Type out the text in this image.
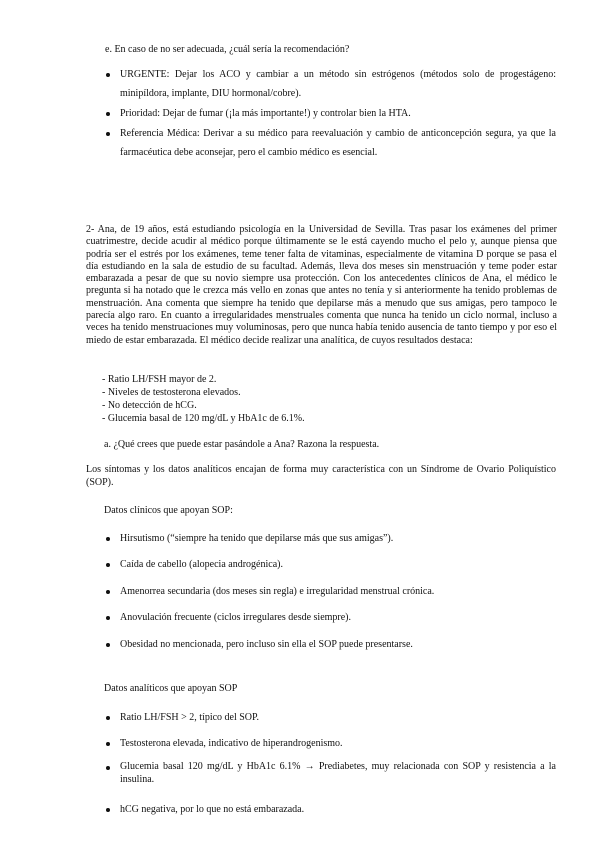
e. En caso de no ser adecuada, ¿cuál sería la recomendación?
URGENTE: Dejar los ACO y cambiar a un método sin estrógenos (métodos solo de progestágeno: minipíldora, implante, DIU hormonal/cobre).
Prioridad: Dejar de fumar (¡la más importante!) y controlar bien la HTA.
Referencia Médica: Derivar a su médico para reevaluación y cambio de anticoncepción segura, ya que la farmacéutica debe aconsejar, pero el cambio médico es esencial.

2- Ana, de 19 años, está estudiando psicología en la Universidad de Sevilla. Tras pasar los exámenes del primer cuatrimestre, decide acudir al médico porque últimamente se le está cayendo mucho el pelo y, aunque piensa que podría ser el estrés por los exámenes, teme tener falta de vitaminas, especialmente de vitamina D porque se pasa el día estudiando en la sala de estudio de su facultad. Además, lleva dos meses sin menstruación y teme poder estar embarazada a pesar de que su novio siempre usa protección. Con los antecedentes clínicos de Ana, el médico le pregunta si ha notado que le crezca más vello en zonas que antes no tenía y si anteriormente ha tenido problemas de menstruación. Ana comenta que siempre ha tenido que depilarse más a menudo que sus amigas, pero tampoco le parecía algo raro. En cuanto a irregularidades menstruales comenta que nunca ha tenido un ciclo normal, incluso a veces ha tenido menstruaciones muy voluminosas, pero que nunca había tenido ausencia de tanto tiempo y por eso el miedo de estar embarazada. El médico decide realizar una analítica, de cuyos resultados destaca:

- Ratio LH/FSH mayor de 2.
- Niveles de testosterona elevados.
- No detección de hCG.
- Glucemia basal de 120 mg/dL y HbA1c de 6.1%.
a. ¿Qué crees que puede estar pasándole a Ana? Razona la respuesta.
Los síntomas y los datos analíticos encajan de forma muy característica con un Síndrome de Ovario Poliquístico (SOP).
Datos clínicos que apoyan SOP:
Hirsutismo (“siempre ha tenido que depilarse más que sus amigas”).
Caída de cabello (alopecia androgénica).
Amenorrea secundaria (dos meses sin regla) e irregularidad menstrual crónica.
Anovulación frecuente (ciclos irregulares desde siempre).
Obesidad no mencionada, pero incluso sin ella el SOP puede presentarse.
Datos analíticos que apoyan SOP
Ratio LH/FSH > 2, típico del SOP.
Testosterona elevada, indicativo de hiperandrogenismo.
Glucemia basal 120 mg/dL y HbA1c 6.1% → Prediabetes, muy relacionada con SOP y resistencia a la insulina.
hCG negativa, por lo que no está embarazada.
